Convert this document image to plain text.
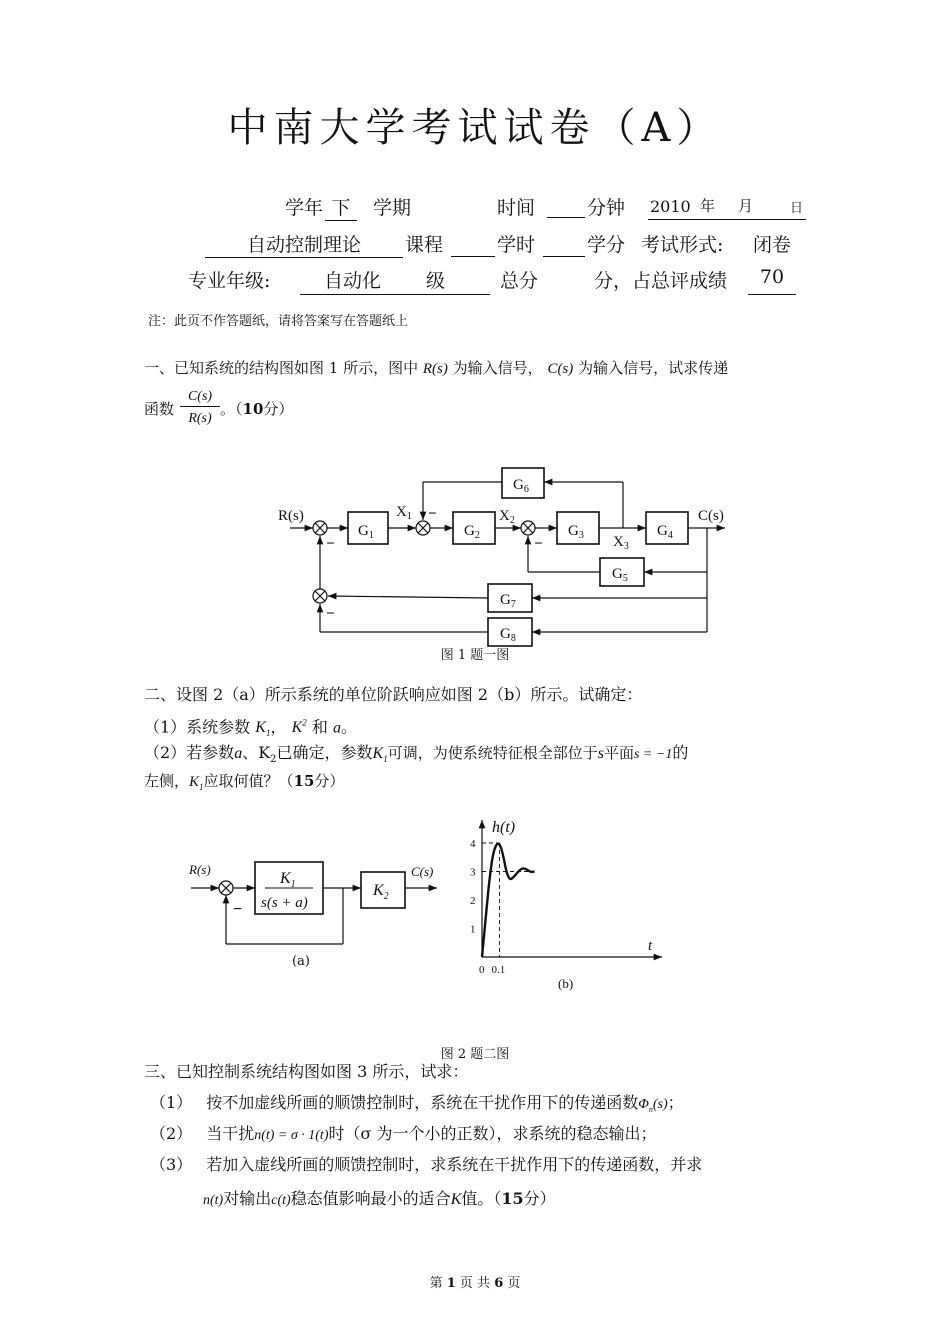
中南大学考试试卷（A）
学年 下	学期	时间	分钟 2010 年 月	日
自动控制理论	课程	学时	学分 考试形式: 闭卷
专业年级:	自动化 级	总分	分，占总评成绩	70
注：此页不作答题纸，请将答案写在答题纸上
一、已知系统的结构图如图 1 所示，图中 R(s) 为输入信号， C(s) 为输入信号，试求传递
函数
C(s)
R(s)
。（10分）
R(s)	C(s)
$X_1$	$X_2$
$X_3$
$G_1$	$G_2$	$G_3$	$G_4$
$G_5$
$G_6$
$G_7$
$G_8$
−
−
−
−
图 1 题一图
二、设图 2（a）所示系统的单位阶跃响应如图 2（b）所示。试确定：
（1）系统参数 $K_1$， $K^2$ 和 a。
（2）若参数a、$K_2$已确定，参数$K_1$可调，为使系统特征根全部位于s平面s = −1的
左侧，$K_1$应取何值？（15分）
R(s)	C(s)
$K_1$
s(s + a)
$K_2$
−
(a)
1
2
3
4
0 0.1
h(t)
t
(b)
图 2 题二图
三、已知控制系统结构图如图 3 所示，试求：
（1） 按不加虚线所画的顺馈控制时，系统在干扰作用下的传递函数$\Phi_n(s)$；
（2） 当干扰n(t) = σ · 1(t)时（σ 为一个小的正数），求系统的稳态输出；
（3） 若加入虚线所画的顺馈控制时，求系统在干扰作用下的传递函数，并求
n(t)对输出c(t)稳态值影响最小的适合K值。（15分）
第 1 页 共 6 页
